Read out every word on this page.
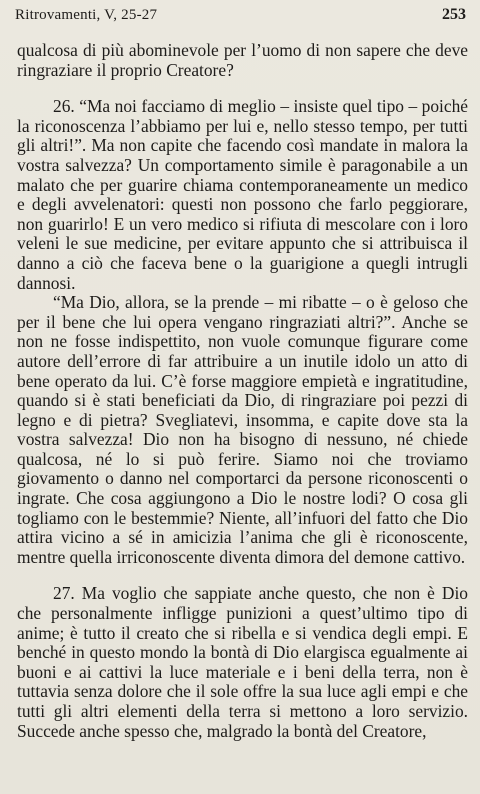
Ritrovamenti, V, 25-27	253

qualcosa di più abominevole per l’uomo di non sapere che deve ringraziare il proprio Creatore?

26. “Ma noi facciamo di meglio – insiste quel tipo – poiché la riconoscenza l’abbiamo per lui e, nello stesso tempo, per tutti gli altri!”. Ma non capite che facendo così mandate in malora la vostra salvezza? Un comportamento simile è paragonabile a un malato che per guarire chiama contemporaneamente un medico e degli avvelenatori: questi non possono che farlo peggiorare, non guarirlo! E un vero medico si rifiuta di mescolare con i loro veleni le sue medicine, per evitare appunto che si attribuisca il danno a ciò che faceva bene o la guarigione a quegli intrugli dannosi.

“Ma Dio, allora, se la prende – mi ribatte – o è geloso che per il bene che lui opera vengano ringraziati altri?”. Anche se non ne fosse indispettito, non vuole comunque figurare come autore dell’errore di far attribuire a un inutile idolo un atto di bene operato da lui. C’è forse maggiore empietà e ingratitudine, quando si è stati beneficiati da Dio, di ringraziare poi pezzi di legno e di pietra? Svegliatevi, insomma, e capite dove sta la vostra salvezza! Dio non ha bisogno di nessuno, né chiede qualcosa, né lo si può ferire. Siamo noi che troviamo giovamento o danno nel comportarci da persone riconoscenti o ingrate. Che cosa aggiungono a Dio le nostre lodi? O cosa gli togliamo con le bestemmie? Niente, all’infuori del fatto che Dio attira vicino a sé in amicizia l’anima che gli è riconoscente, mentre quella irriconoscente diventa dimora del demone cattivo.

27. Ma voglio che sappiate anche questo, che non è Dio che personalmente infligge punizioni a quest’ultimo tipo di anime; è tutto il creato che si ribella e si vendica degli empi. E benché in questo mondo la bontà di Dio elargisca egualmente ai buoni e ai cattivi la luce materiale e i beni della terra, non è tuttavia senza dolore che il sole offre la sua luce agli empi e che tutti gli altri elementi della terra si mettono a loro servizio. Succede anche spesso che, malgrado la bontà del Creatore,
